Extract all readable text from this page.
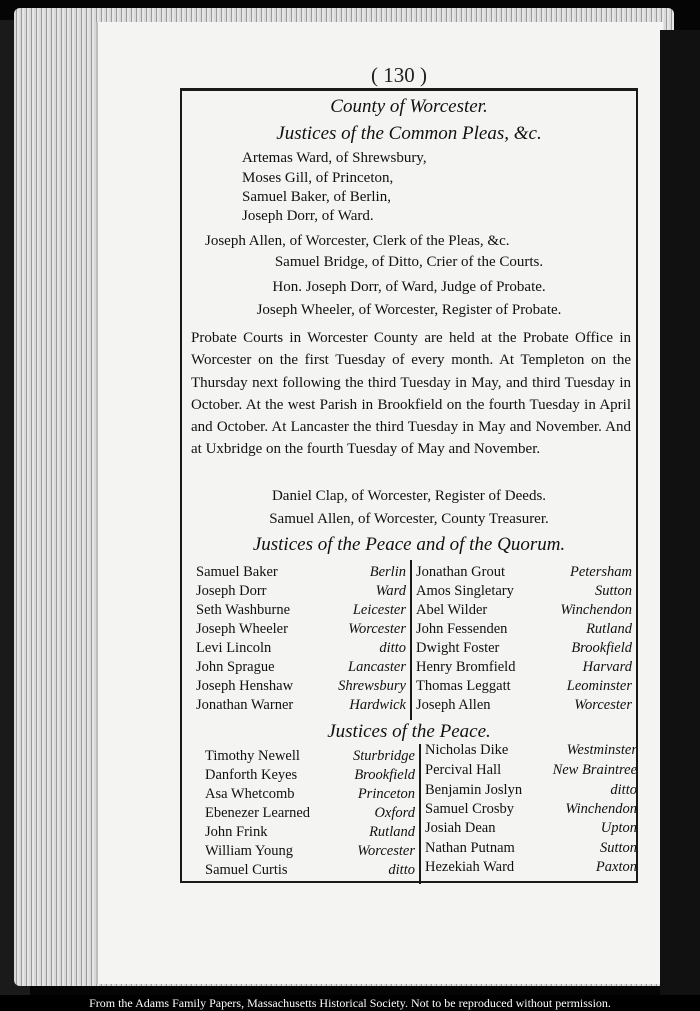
( 130 )
County of Worcester.
Justices of the Common Pleas, &c.
Artemas Ward, of Shrewsbury,
Moses Gill, of Princeton,
Samuel Baker, of Berlin,
Joseph Dorr, of Ward.
Joseph Allen, of Worcester, Clerk of the Pleas, &c.
Samuel Bridge, of Ditto, Crier of the Courts.
Hon. Joseph Dorr, of Ward, Judge of Probate.
Joseph Wheeler, of Worcester, Register of Probate.
Probate Courts in Worcester County are held at the Probate Office in Worcester on the first Tuesday of every month. At Templeton on the Thursday next following the third Tuesday in May, and third Tuesday in October. At the west Parish in Brookfield on the fourth Tuesday in April and October. At Lancaster the third Tuesday in May and November. And at Uxbridge on the fourth Tuesday of May and November.
Daniel Clap, of Worcester, Register of Deeds.
Samuel Allen, of Worcester, County Treasurer.
Justices of the Peace and of the Quorum.
Samuel Baker	Berlin
Joseph Dorr	Ward
Seth Washburne	Leicester
Joseph Wheeler	Worcester
Levi Lincoln	ditto
John Sprague	Lancaster
Joseph Henshaw	Shrewsbury
Jonathan Warner	Hardwick
Jonathan Grout	Petersham
Amos Singletary	Sutton
Abel Wilder	Winchendon
John Fessenden	Rutland
Dwight Foster	Brookfield
Henry Bromfield	Harvard
Thomas Leggatt	Leominster
Joseph Allen	Worcester
Justices of the Peace.
Timothy Newell	Sturbridge
Danforth Keyes	Brookfield
Asa Whetcomb	Princeton
Ebenezer Learned	Oxford
John Frink	Rutland
William Young	Worcester
Samuel Curtis	ditto
Nicholas Dike	Westminster
Percival Hall	New Braintree
Benjamin Joslyn	ditto
Samuel Crosby	Winchendon
Josiah Dean	Upton
Nathan Putnam	Sutton
Hezekiah Ward	Paxton
From the Adams Family Papers, Massachusetts Historical Society. Not to be reproduced without permission.
